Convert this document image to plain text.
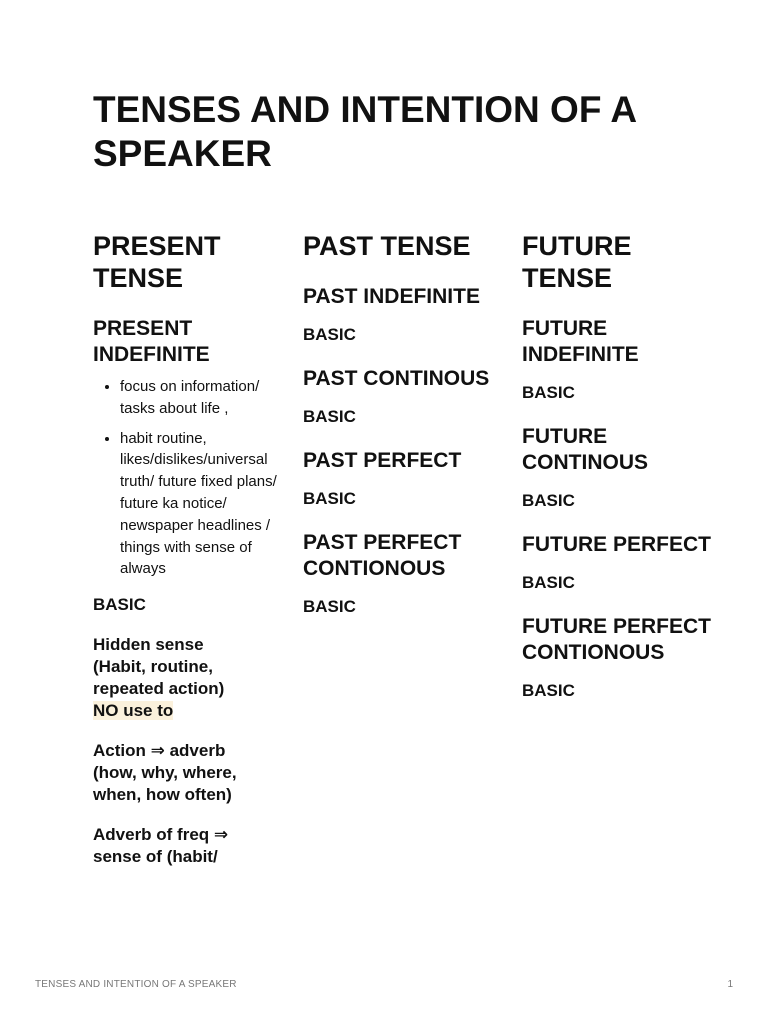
TENSES AND INTENTION OF A SPEAKER
PRESENT TENSE
PRESENT INDEFINITE
• focus on information/ tasks about life ,
• habit routine, likes/dislikes/universal truth/ future fixed plans/ future ka notice/ newspaper headlines / things with sense of always
BASIC
Hidden sense
(Habit, routine,
repeated action)
NO use to
Action ⇒ adverb
(how, why, where,
when, how often)
Adverb of freq ⇒
sense of (habit/
PAST TENSE
PAST INDEFINITE
BASIC
PAST CONTINOUS
BASIC
PAST PERFECT
BASIC
PAST PERFECT CONTIONOUS
BASIC
FUTURE TENSE
FUTURE INDEFINITE
BASIC
FUTURE CONTINOUS
BASIC
FUTURE PERFECT
BASIC
FUTURE PERFECT CONTIONOUS
BASIC
TENSES AND INTENTION OF A SPEAKER	1
